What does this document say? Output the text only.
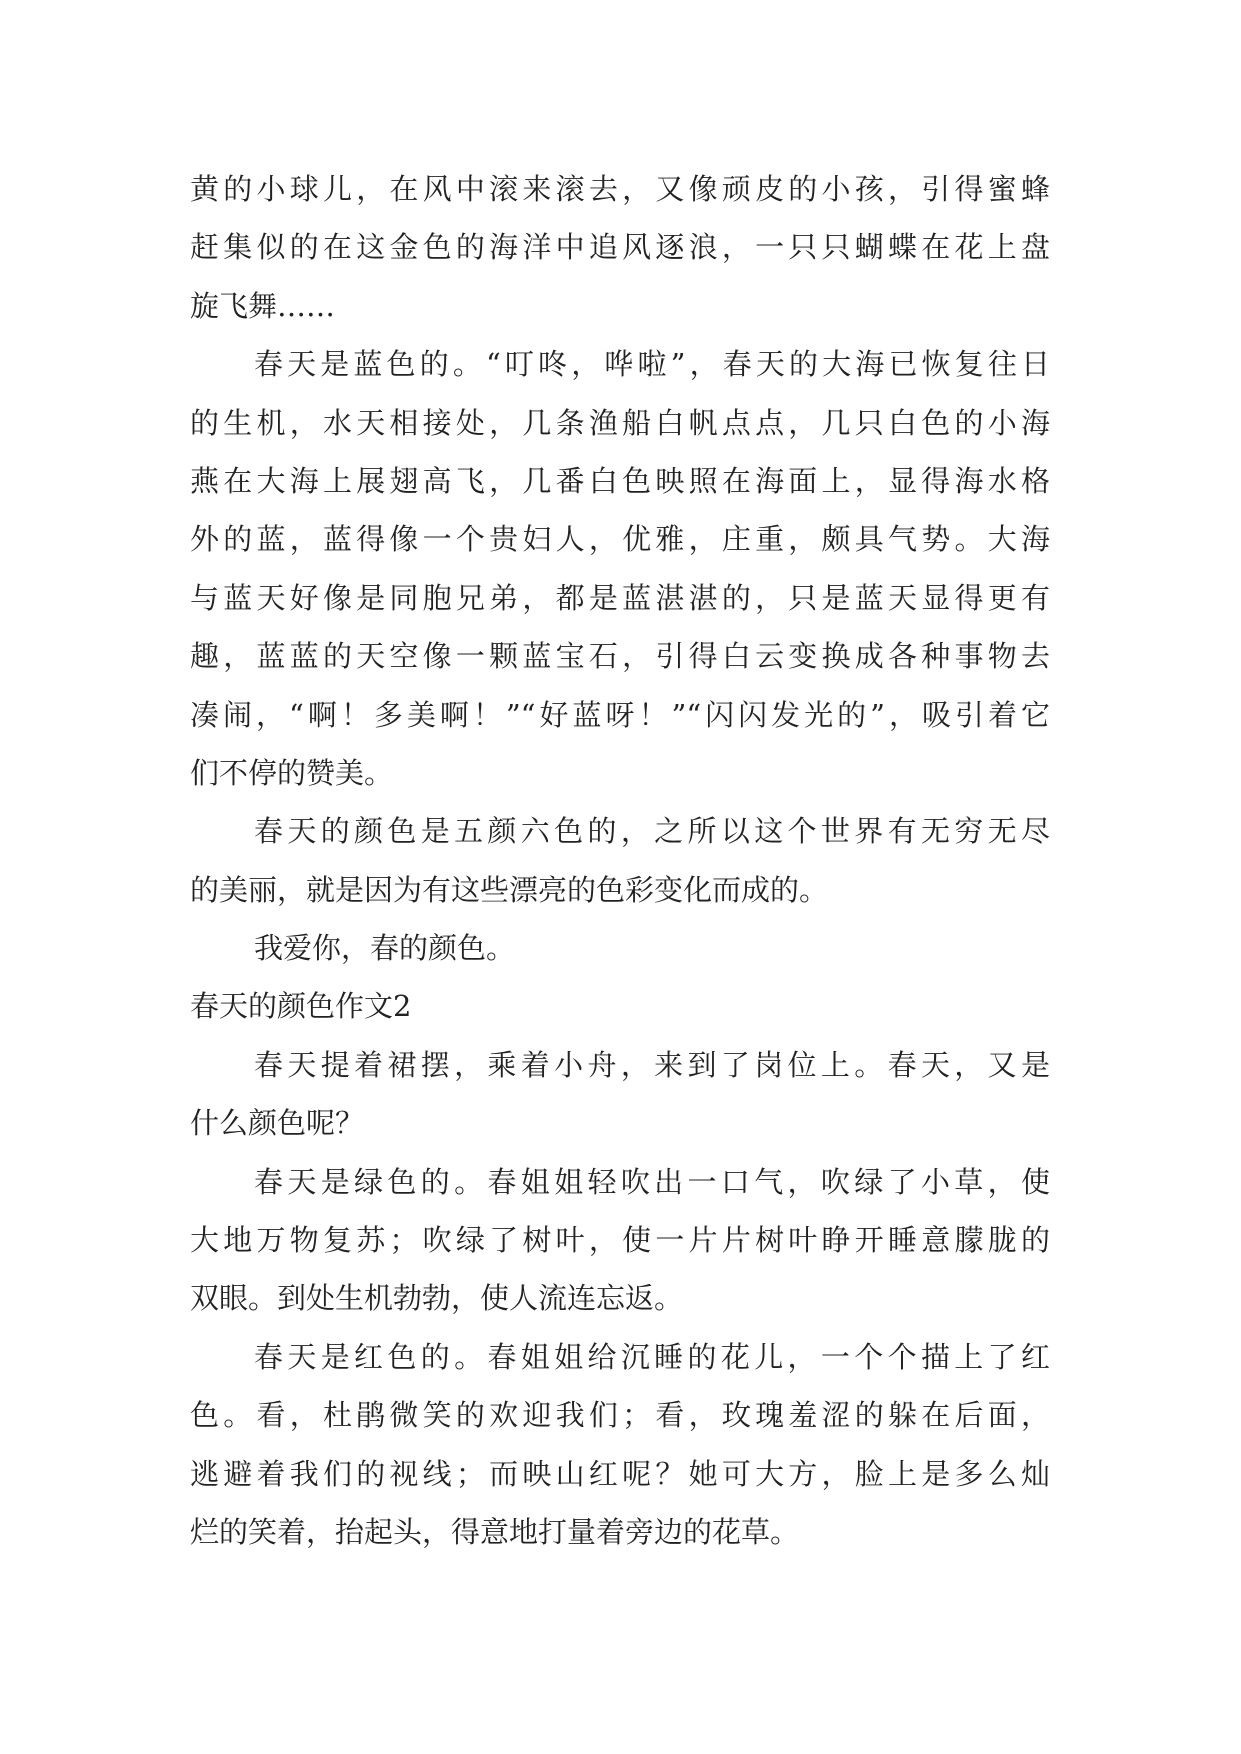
黄的小球儿，在风中滚来滚去，又像顽皮的小孩，引得蜜蜂
赶集似的在这金色的海洋中追风逐浪，一只只蝴蝶在花上盘
旋飞舞……
春天是蓝色的。“叮咚，哗啦”，春天的大海已恢复往日
的生机，水天相接处，几条渔船白帆点点，几只白色的小海
燕在大海上展翅高飞，几番白色映照在海面上，显得海水格
外的蓝，蓝得像一个贵妇人，优雅，庄重，颇具气势。大海
与蓝天好像是同胞兄弟，都是蓝湛湛的，只是蓝天显得更有
趣，蓝蓝的天空像一颗蓝宝石，引得白云变换成各种事物去
凑闹，“啊！多美啊！”“好蓝呀！”“闪闪发光的”，吸引着它
们不停的赞美。
春天的颜色是五颜六色的，之所以这个世界有无穷无尽
的美丽，就是因为有这些漂亮的色彩变化而成的。
我爱你，春的颜色。
春天的颜色作文2
春天提着裙摆，乘着小舟，来到了岗位上。春天，又是
什么颜色呢？
春天是绿色的。春姐姐轻吹出一口气，吹绿了小草，使
大地万物复苏；吹绿了树叶，使一片片树叶睁开睡意朦胧的
双眼。到处生机勃勃，使人流连忘返。
春天是红色的。春姐姐给沉睡的花儿，一个个描上了红
色。看，杜鹃微笑的欢迎我们；看，玫瑰羞涩的躲在后面，
逃避着我们的视线；而映山红呢？她可大方，脸上是多么灿
烂的笑着，抬起头，得意地打量着旁边的花草。
